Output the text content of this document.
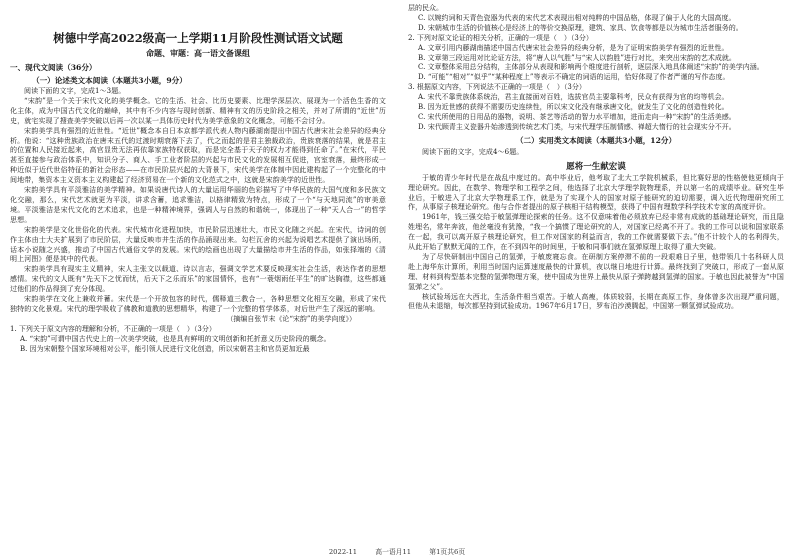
树德中学高2022级高一上学期11月阶段性测试语文试题
命题、审题：高一语文备课组
一、现代文阅读（36分）
（一）论述类文本阅读（本题共3小题，9分）

阅读下面的文字，完成1～3题。

“宋韵”是一个关于宋代文化的美学概念。它的生活、社会、比历史要素、比理学深层次、展现为一个活色生香的文化主体，成为中国古代文化的巅峰，其中有不少内容与现时创新、精神有文的历史阶段之相关，并对了所谓的“近世”历史，就宅实现了搜查美学突破以后再一次以某一具体历史时代为美学意象的文化概念，可能不会讨分。

宋韵美学具有强烈的近世性。“近世”概念本自日本京都学派代表人物内藤湖南提出中国古代唐宋社会差异的经典分析。他说：“这种贵族政治在唐末五代的过渡时期衰落下去了，代之而起的是君主独裁政治，贵族衰落的结果，就是君主的位置和人民接近起来，高官显贵无法再依靠家族特权获取，而是完全基于天子的权力才能得到任命了。”在宋代，平民甚至直接参与政治体系中，知识分子、商人、手工业者阶层的兴起与市民文化的发展相互促进，宫室衰落，最终形成一种近似于近代世俗特征的新社会形态——在市民阶层兴起的大背景下，宋代美学在体制中因此建构起了一个完整化的中间地带，集资本主义资本主义构建起了经济贸易在一个新的文化范式之中，这就是宋韵美学的近世性。

宋韵美学具有平淡雅洁的美学精神。如果说唐代诗人的大量运用华丽的色彩描写了中华民族的大国气度和多民族文化交融，那么，宋代艺术就更为平淡，讲求含蓄，追求雅洁，以格律精致为特点，形成了一个“与天地同流”的审美意境。平淡雅洁是宋代文化的艺术追求，也是一种精神境界，强调人与自然的和谐统一，体现出了一种“天人合一”的哲学思想。

宋韵美学是文化世俗化的代表。宋代城市化进程加快，市民阶层迅速壮大，市民文化随之兴起。在宋代，诗词的创作主体由士大夫扩展到了市民阶层，大量反映市井生活的作品涌现出来。勾栏瓦舍的兴起为说唱艺术提供了演出场所，话本小说随之兴盛，推动了中国古代通俗文学的发展。宋代的绘画也出现了大量描绘市井生活的作品，如张择端的《清明上河图》便是其中的代表。

宋韵美学具有现实主义精神，宋人主张文以载道、诗以言志，强调文学艺术要反映现实社会生活，表达作者的思想感情。宋代的文人既有“先天下之忧而忧，后天下之乐而乐”的家国情怀，也有“一蓑烟雨任平生”的旷达胸襟，这些都通过他们的作品得到了充分体现。

宋韵美学在文化上兼收并蓄。宋代是一个开放包容的时代，儒释道三教合一，各种思想文化相互交融，形成了宋代独特的文化景观。宋代的理学吸收了佛教和道教的思想精华，构建了一个完整的哲学体系，对后世产生了深远的影响。

（摘编自张节末《论“宋韵”的美学向度》）

1. 下列关于原文内容的理解和分析，不正确的一项是（　）（3分）

A. “宋韵”可谓中国古代史上的一次美学突破，也是具有鲜明的文明创新和托折意义历史阶段的概念。

B. 因为宋朝整个国家环境相对公平，能引领人民进行文化创造，所以宋朝君主和官员更加近最

层的民众。

C. 以婉约词和天青色瓷器为代表的宋代艺术表现出相对纯粹的中国品格，体现了偏于人化的大国高度。

D. 宋朝城市生活的价值核心是经济上的等价交换原理，建筑、家具、饮食等都是以为城市生活者服务的。

2. 下列对原文论证的相关分析，正确的一项是（　）（3分）

A. 文章引用内藤湖南描述中国古代唐宋社会差异的经典分析，是为了证明宋韵美学有强烈的近世性。

B. 文章第三段运用对比论证方法，将“唐人以气胜”与“宋人以韵胜”进行对比，来突出宋韵的艺术成就。

C. 文章整体采用总分结构，主体部分从表现和影响两个维度进行剖析，逐层深入地具体阐述“宋韵”的美学内涵。

D. “可能”“相对”“似乎”“某种程度上”等表示不确定的词语的运用，恰好体现了作者严谨的写作态度。

3. 根据原文内容，下列说法不正确的一项是（　）（3分）

A. 宋代不靠贵族体系统治，君主直接面对百姓，选拔官员主要靠科考，民众有获得为官的均等机会。

B. 因为近世感的获得不需要历史连续性，所以宋文化没有继承唐文化，就发生了文化的创造性转化。

C. 宋代所使用的日用品的器物，说明、茶艺等活动的智力水平增加，进而走向一种“宋韵”的生活美感。

D. 宋代顾青主义瓷器升始渗透到传统艺术门类，与宋代理学压制情感、禅超大惰行的社会现实分不开。

（二）实用类文本阅读（本题共3小题，12分）

阅读下面的文字，完成4～6题。

愿将一生献宏谟

于敏的青少年时代是在战乱中度过的。高中毕业后，他考取了北大工学院机械系，但比赛好思的性格使他更倾向于理论研究。因此，在数学、物理学和工程学之间，他选择了北京大学理学院物理系，并以第一名的成绩毕业。研究生毕业后，于敏进入了北京大学物理系工作，就是为了实现个人的国家对原子能研究的迫切需要，调入近代物理研究所工作，从事原子核理论研究。他与合作者提出的原子核相干结构模型，获得了中国有理数学科学技术专家的高度评价。

1961年，钱三强交给于敏氢弹理论探索的任务。这不仅意味着他必须放弃已经非常有成就的基础理论研究，而且隐姓埋名，常年奔波，他丝毫没有犹豫，“我一个搞惯了理论研究的人，对国家已经离不开了。我的工作可以说和国家联系在一起，我可以离开原子核理论研究，但工作对国家的利益而言，我的工作就需要做下去。”他不计较个人的名利得失，从此开始了默默无闻的工作，在不到四年的时间里，于敏和同事们就在氢弹原理上取得了重大突破。

为了尽快研制出中国自己的氢弹，于敏废寝忘食。在研制方案停滞不前的一段艰难日子里，他带领几十名科研人员赴上海华东计算所，利用当时国内运算速度最快的计算机，夜以继日地进行计算。最终找到了突破口，形成了一套从原理、材料到构型基本完整的氢弹物理方案，使中国成为世界上最快从原子弹跨越到氢弹的国家。于敏也因此被誉为“中国氢弹之父”。

核试验场远在大西北，生活条件相当艰苦。于敏人高瘦，体质较弱，长期在高原工作，身体曾多次出现严重问题，但他从未退缩，每次都坚持到试验成功。1967年6月17日，罗布泊沙漠腾起，中国第一颗氢弹试验成功。

2022-11	高一语月11	第1页共6页
